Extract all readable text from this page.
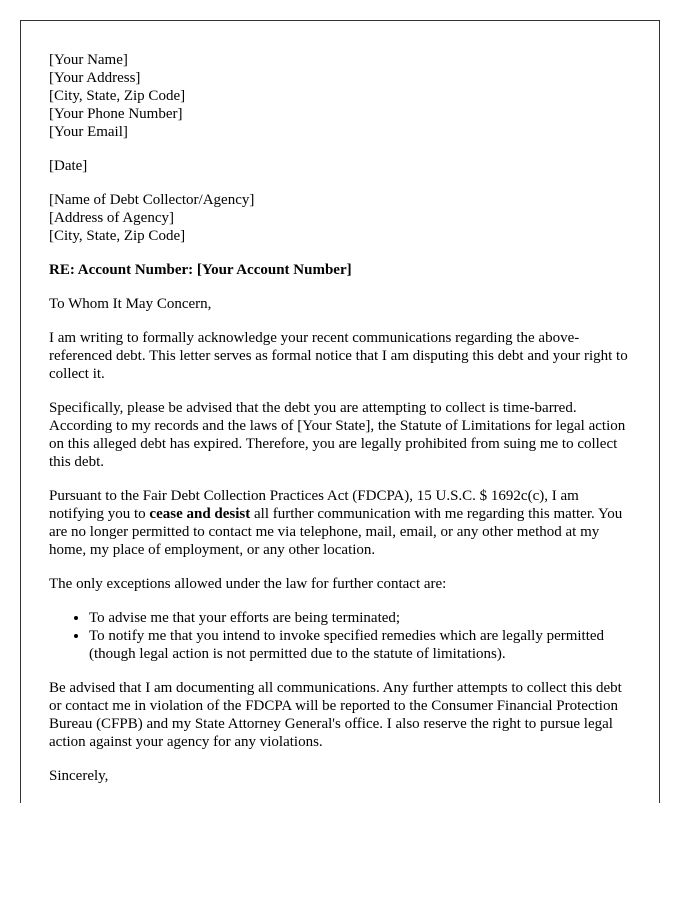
[Your Name]
[Your Address]
[City, State, Zip Code]
[Your Phone Number]
[Your Email]

[Date]

[Name of Debt Collector/Agency]
[Address of Agency]
[City, State, Zip Code]

RE: Account Number: [Your Account Number]

To Whom It May Concern,

I am writing to formally acknowledge your recent communications regarding the above-referenced debt. This letter serves as formal notice that I am disputing this debt and your right to collect it.

Specifically, please be advised that the debt you are attempting to collect is time-barred. According to my records and the laws of [Your State], the Statute of Limitations for legal action on this alleged debt has expired. Therefore, you are legally prohibited from suing me to collect this debt.

Pursuant to the Fair Debt Collection Practices Act (FDCPA), 15 U.S.C. $ 1692c(c), I am notifying you to cease and desist all further communication with me regarding this matter. You are no longer permitted to contact me via telephone, mail, email, or any other method at my home, my place of employment, or any other location.

The only exceptions allowed under the law for further contact are:

• To advise me that your efforts are being terminated;
• To notify me that you intend to invoke specified remedies which are legally permitted (though legal action is not permitted due to the statute of limitations).

Be advised that I am documenting all communications. Any further attempts to collect this debt or contact me in violation of the FDCPA will be reported to the Consumer Financial Protection Bureau (CFPB) and my State Attorney General's office. I also reserve the right to pursue legal action against your agency for any violations.

Sincerely,
